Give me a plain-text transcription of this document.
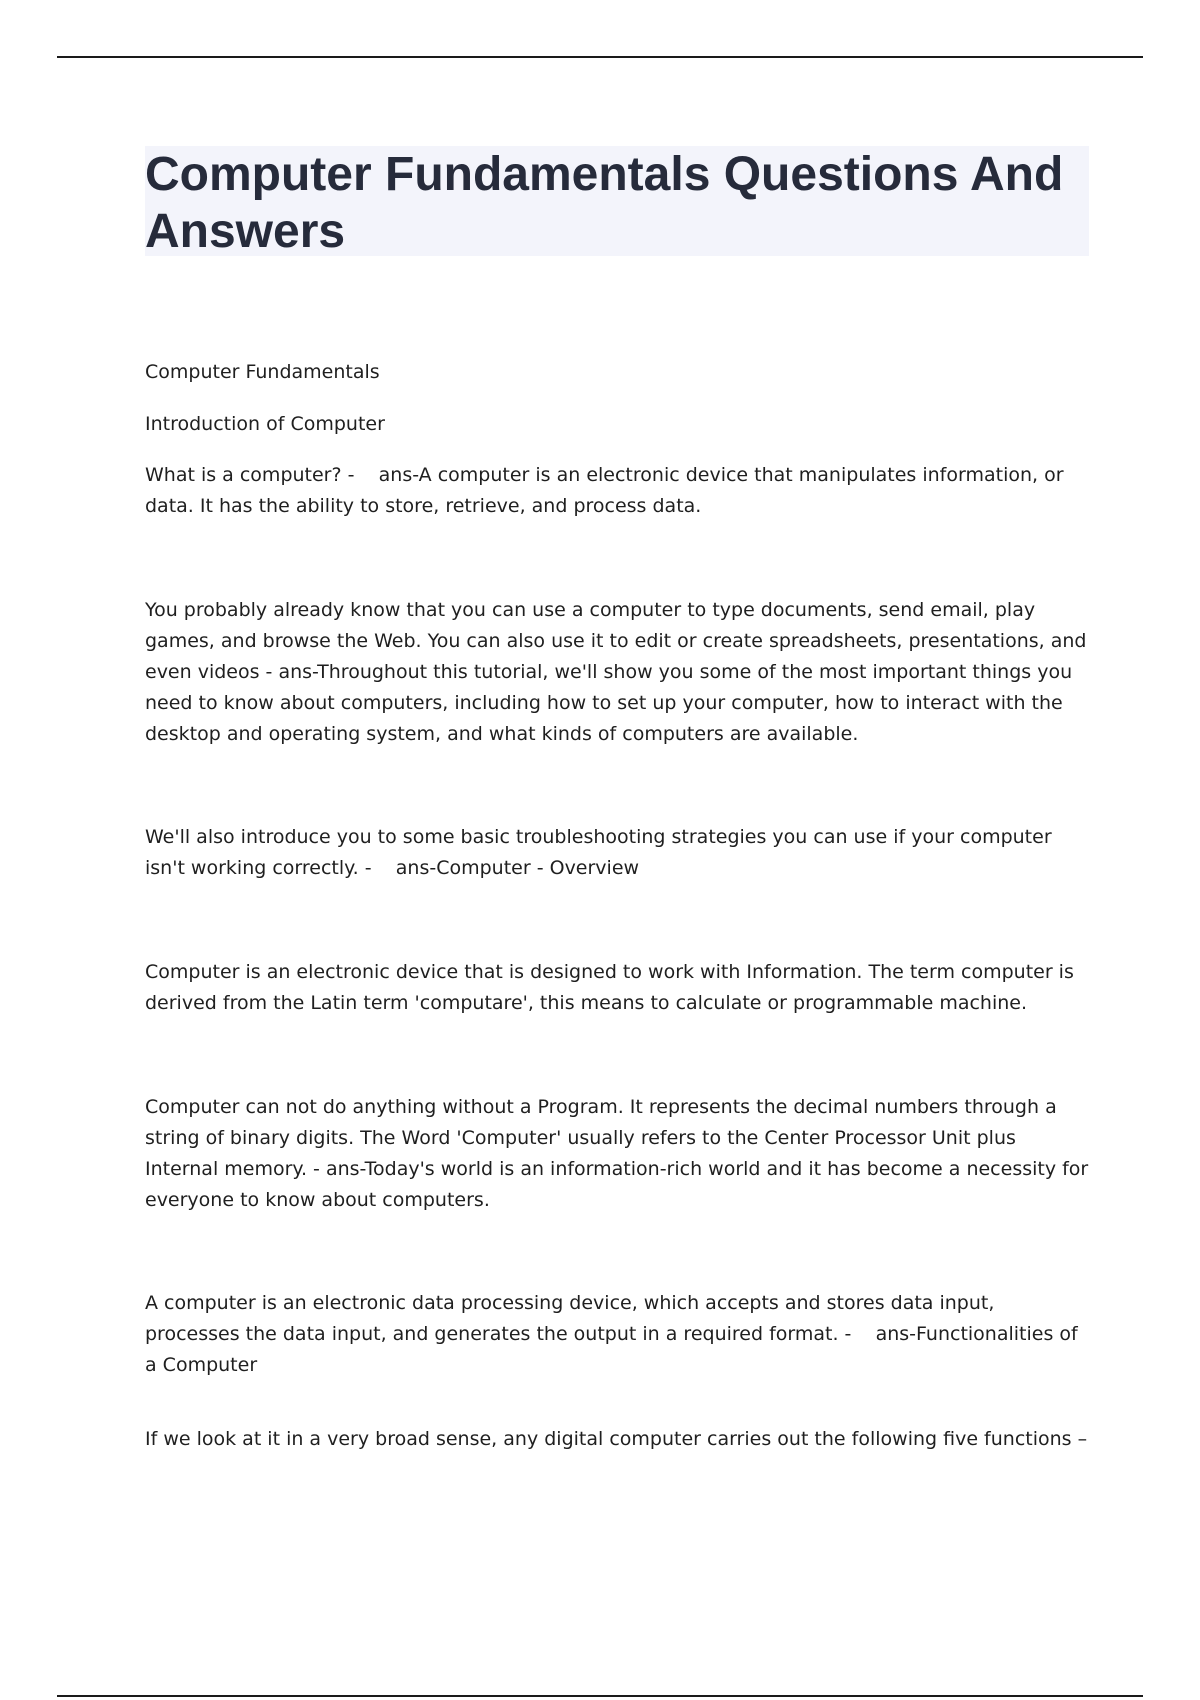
Computer Fundamentals Questions And Answers

Computer Fundamentals

Introduction of Computer

What is a computer? - ans-A computer is an electronic device that manipulates information, or data. It has the ability to store, retrieve, and process data.

You probably already know that you can use a computer to type documents, send email, play games, and browse the Web. You can also use it to edit or create spreadsheets, presentations, and even videos - ans-Throughout this tutorial, we'll show you some of the most important things you need to know about computers, including how to set up your computer, how to interact with the desktop and operating system, and what kinds of computers are available.

We'll also introduce you to some basic troubleshooting strategies you can use if your computer isn't working correctly. - ans-Computer - Overview

Computer is an electronic device that is designed to work with Information. The term computer is derived from the Latin term 'computare', this means to calculate or programmable machine.

Computer can not do anything without a Program. It represents the decimal numbers through a string of binary digits. The Word 'Computer' usually refers to the Center Processor Unit plus Internal memory. - ans-Today's world is an information-rich world and it has become a necessity for everyone to know about computers.

A computer is an electronic data processing device, which accepts and stores data input, processes the data input, and generates the output in a required format. - ans-Functionalities of a Computer

If we look at it in a very broad sense, any digital computer carries out the following five functions –
